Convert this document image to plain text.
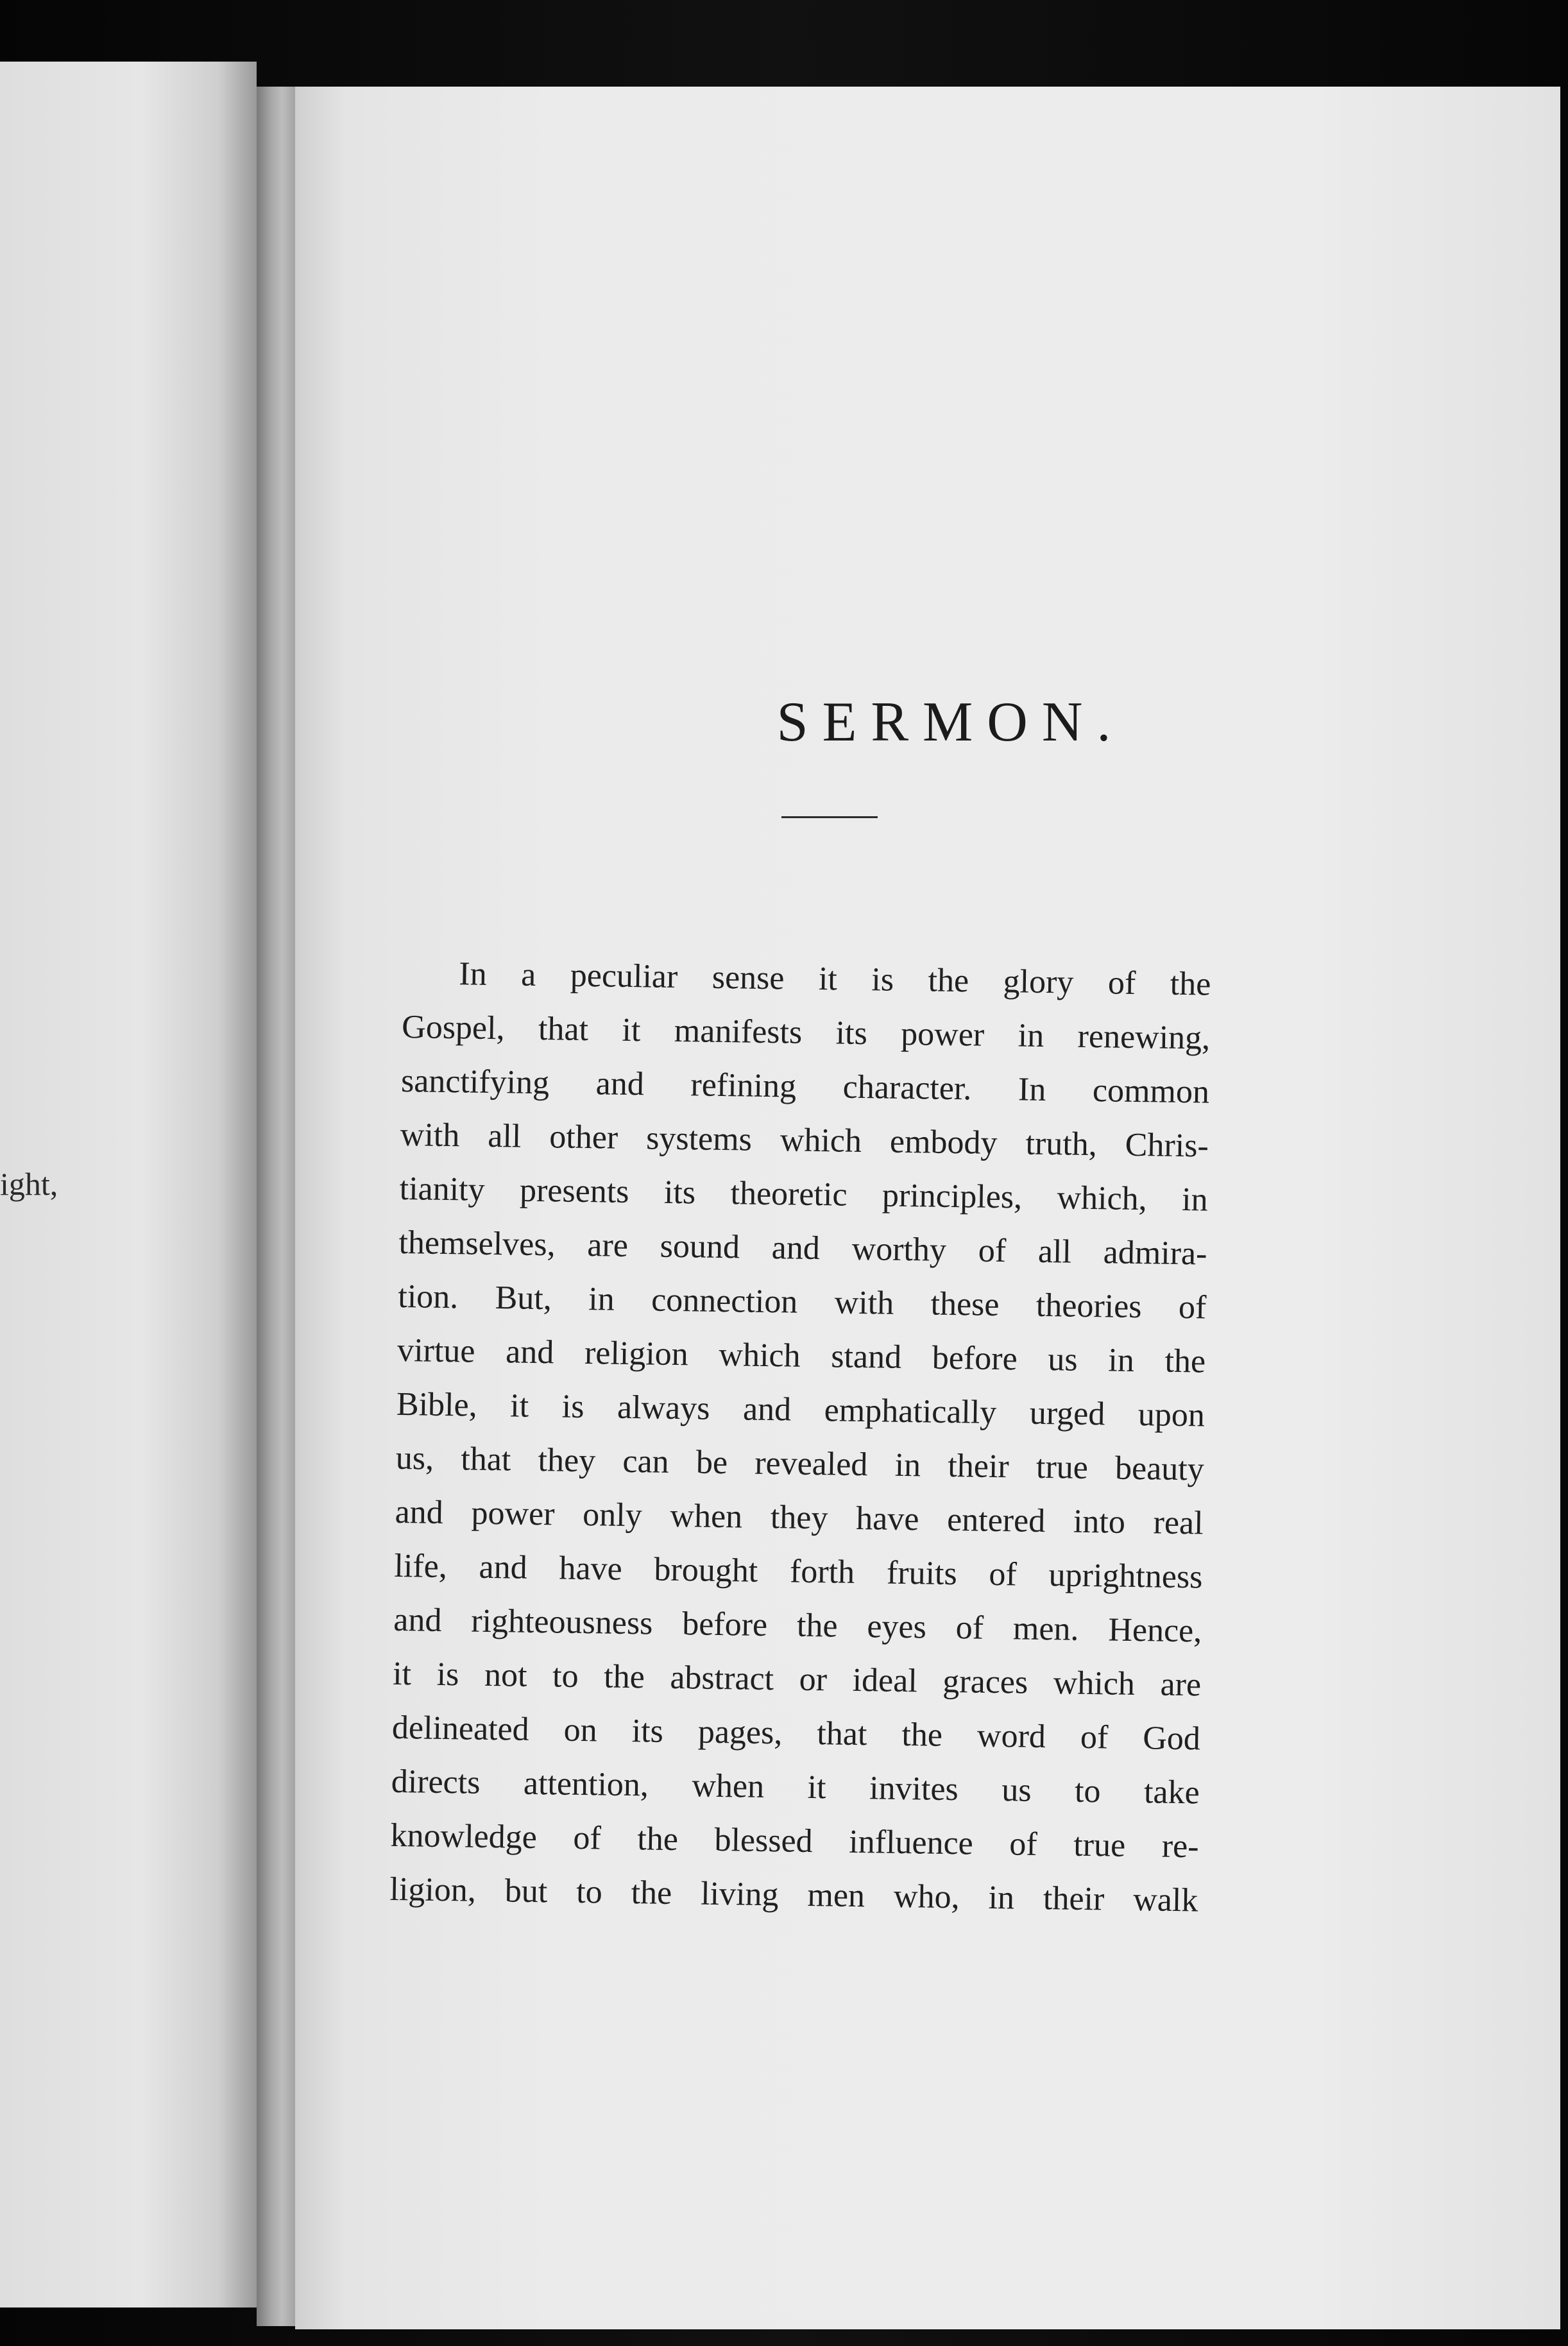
ight,
SERMON.
In a peculiar sense it is the glory of the
Gospel, that it manifests its power in renewing,
sanctifying and refining character. In common
with all other systems which embody truth, Chris-
tianity presents its theoretic principles, which, in
themselves, are sound and worthy of all admira-
tion. But, in connection with these theories of
virtue and religion which stand before us in the
Bible, it is always and emphatically urged upon
us, that they can be revealed in their true beauty
and power only when they have entered into real
life, and have brought forth fruits of uprightness
and righteousness before the eyes of men. Hence,
it is not to the abstract or ideal graces which are
delineated on its pages, that the word of God
directs attention, when it invites us to take
knowledge of the blessed influence of true re-
ligion, but to the living men who, in their walk
